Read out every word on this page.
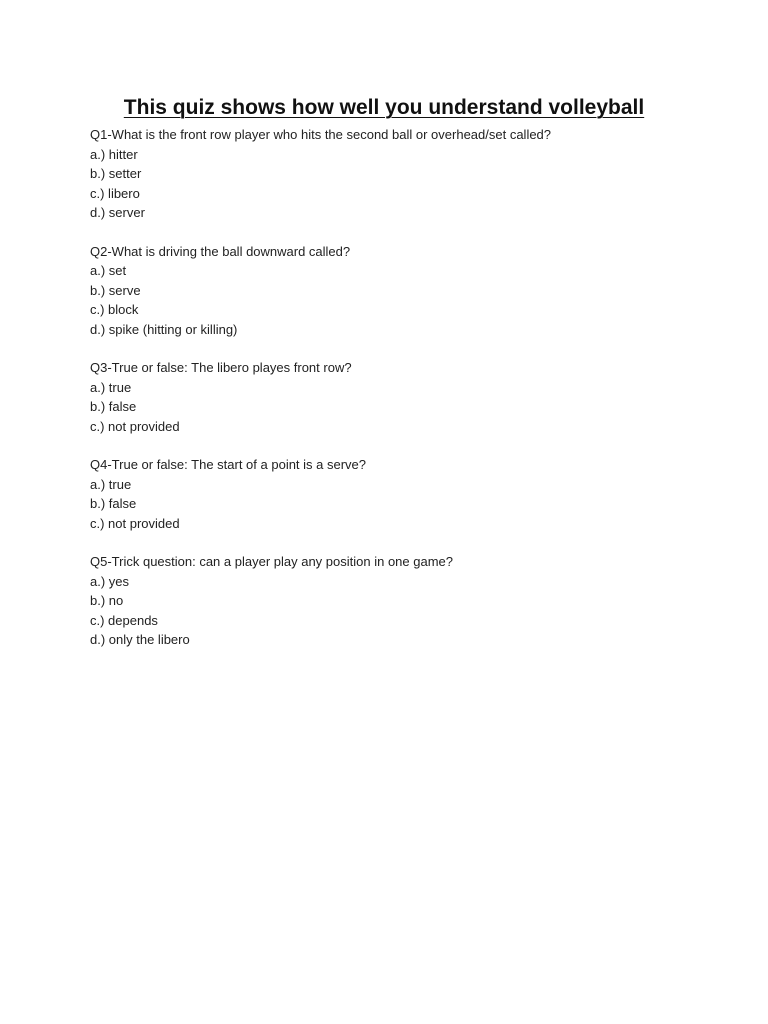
This quiz shows how well you understand volleyball
Q1-What is the front row player who hits the second ball or overhead/set called?
a.) hitter
b.) setter
c.) libero
d.) server
Q2-What is driving the ball downward called?
a.) set
b.) serve
c.) block
d.) spike (hitting or killing)
Q3-True or false: The libero playes front row?
a.) true
b.) false
c.) not provided
Q4-True or false: The start of a point is a serve?
a.) true
b.) false
c.) not provided
Q5-Trick question: can a player play any position in one game?
a.) yes
b.) no
c.) depends
d.) only the libero
